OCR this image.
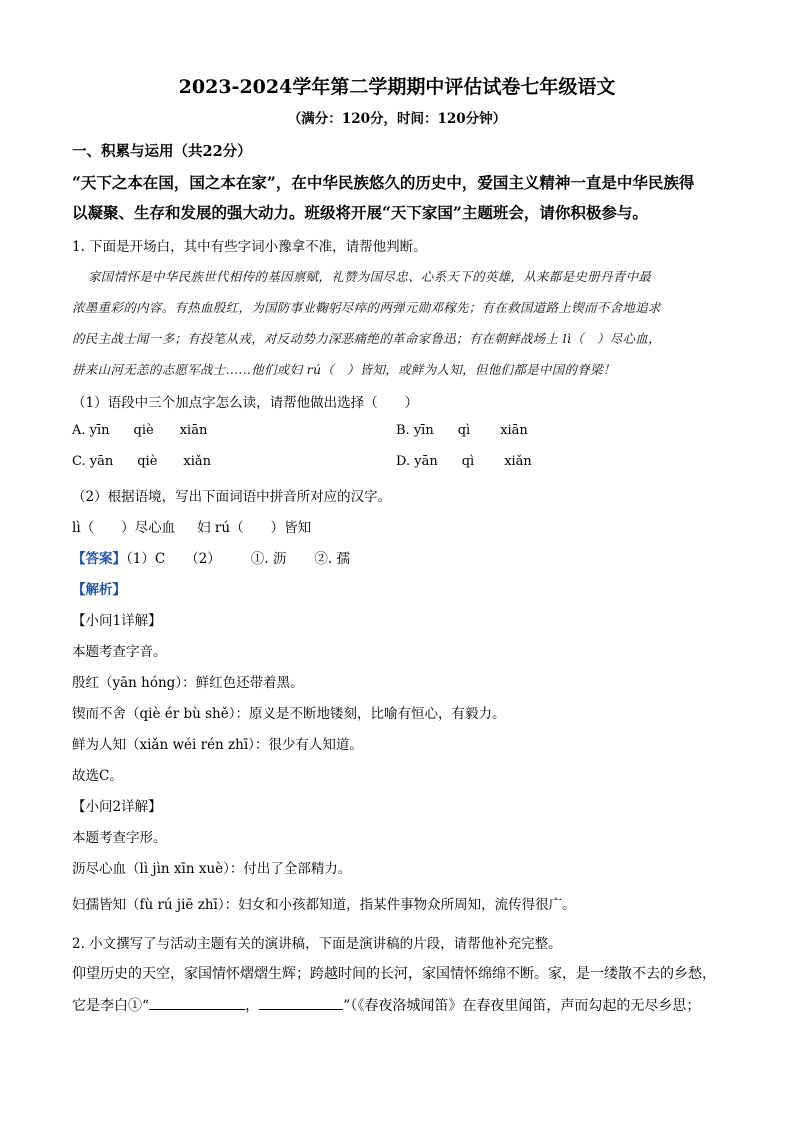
2023-2024学年第二学期期中评估试卷七年级语文
（满分：120分，时间：120分钟）
一、积累与运用（共22分）
“天下之本在国，国之本在家”，在中华民族悠久的历史中，爱国主义精神一直是中华民族得
以凝聚、生存和发展的强大动力。班级将开展“天下家国”主题班会，请你积极参与。
1. 下面是开场白，其中有些字词小豫拿不准，请帮他判断。
家国情怀是中华民族世代相传的基因禀赋，礼赞为国尽忠、心系天下的英雄，从来都是史册丹青中最
浓墨重彩的内容。有热血殷红，为国防事业鞠躬尽瘁的两弹元勋邓稼先；有在救国道路上锲而不舍地追求
的民主战士闻一多；有投笔从戎，对反动势力深恶痛绝的革命家鲁迅；有在朝鲜战场上 lì（　）尽心血，
拼来山河无恙的志愿军战士……他们或妇 rú（　）皆知，或鲜为人知，但他们都是中国的脊梁！
（1）语段中三个加点字怎么读，请帮他做出选择（　　）
A. yīn qiè xiān	B. yīn qì xiān
C. yān qiè xiǎn	D. yān qì xiǎn
（2）根据语境，写出下面词语中拼音所对应的汉字。
lì（　　）尽心血 妇 rú（　　）皆知
【答案】（1）C （2） ①. 沥 ②. 孺
【解析】
【小问1详解】
本题考查字音。
殷红（yān hóng）：鲜红色还带着黑。
锲而不舍（qiè ér bù shě）：原义是不断地镂刻，比喻有恒心，有毅力。
鲜为人知（xiǎn wéi rén zhī）：很少有人知道。
故选C。
【小问2详解】
本题考查字形。
沥尽心血（lì jìn xīn xuè）：付出了全部精力。
妇孺皆知（fù rú jiē zhī）：妇女和小孩都知道，指某件事物众所周知，流传得很广。
2. 小文撰写了与活动主题有关的演讲稿，下面是演讲稿的片段，请帮他补充完整。
仰望历史的天空，家国情怀熠熠生辉；跨越时间的长河，家国情怀绵绵不断。家，是一缕散不去的乡愁，
它是李白①“	，	”（《春夜洛城闻笛》在春夜里闻笛，声而勾起的无尽乡思；
